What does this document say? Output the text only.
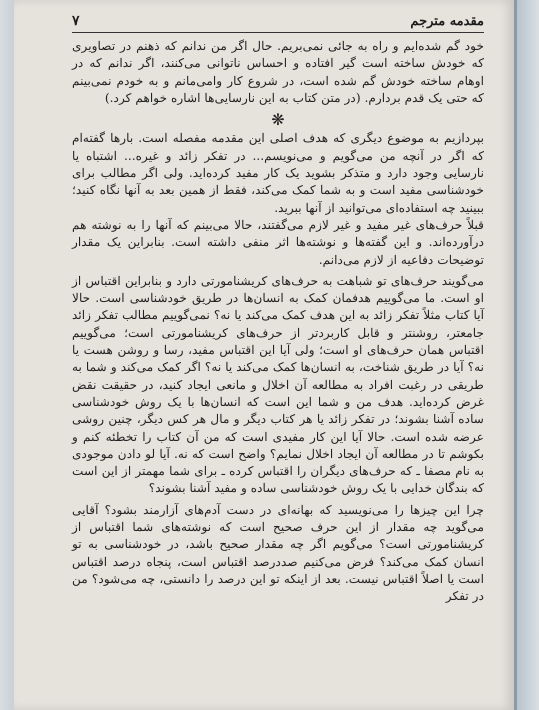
مقدمه مترجم
۷

خود گم شده‌ایم و راه به جائی نمی‌بریم. حال اگر من ندانم که ذهنم در تصاویری که خودش ساخته است گیر افتاده و احساس ناتوانی می‌کنند، اگر ندانم که در اوهام ساخته خودش گم شده است، در شروع کار وامی‌مانم و به خودم نمی‌بینم که حتی یک قدم بردارم. (در متن کتاب به این نارسایی‌ها اشاره خواهم کرد.)

❋

بپردازیم به موضوع دیگری که هدف اصلی این مقدمه مفصله است. بارها گفته‌ام که اگر در آنچه من می‌گویم و می‌نویسم... در تفکر زائد و غیره... اشتباه یا نارسایی وجود دارد و متذکر بشوید یک کار مفید کرده‌اید. ولی اگر مطالب برای خودشناسی مفید است و به شما کمک می‌کند، فقط از همین بعد به آنها نگاه کنید؛ ببینید چه استفاده‌ای می‌توانید از آنها ببرید.

قبلاً حرف‌هاى غیر مفید و غیر لازم می‌گفتند، حالا می‌بینم که آنها را به نوشته هم درآورده‌اند. و این گفته‌ها و نوشته‌ها اثر منفی داشته است. بنابراین یک مقدار توضیحات دفاعیه از لازم می‌دانم.

می‌گویند حرف‌های تو شباهت به حرف‌های کریشنامورتی دارد و بنابراین اقتباس از او است. ما می‌گوییم هدفمان کمک به انسان‌ها در طریق خودشناسی است. حالا آیا کتاب مثلاً تفکر زائد به این هدف کمک می‌کند یا نه؟ نمی‌گوییم مطالب تفکر زائد جامعتر، روشنتر و قابل کاربردتر از حرف‌های کریشنامورتی است؛ می‌گوییم اقتباس همان حرف‌های او است؛ ولی آیا این اقتباس مفید، رسا و روشن هست یا نه؟ آیا در طریق شناخت، به انسان‌ها کمک می‌کند یا نه؟ اگر کمک می‌کند و شما به طریقی در رغبت افراد به مطالعه آن اخلال و مانعی ایجاد کنید، در حقیقت نقض غرض کرده‌اید. هدف من و شما این است که انسان‌ها با یک روش خودشناسی ساده آشنا بشوند؛ در تفکر زائد یا هر کتاب دیگر و مال هر کس دیگر، چنین روشی عرضه شده است. حالا آیا این کار مفیدی است که من آن کتاب را تخطئه کنم و بکوشم تا در مطالعه آن ایجاد اخلال نمایم؟ واضح است که نه. آیا لو دادن موجودی به نام مصفا ـ که حرف‌های دیگران را اقتباس کرده ـ برای شما مهمتر از این است که بندگان خدایی با یک روش خودشناسی ساده و مفید آشنا بشوند؟

چرا این چیزها را می‌نویسید که بهانه‌ای در دست آدم‌های آزارمند بشود؟ آقایی می‌گوید چه مقدار از این حرف صحیح است که نوشته‌های شما اقتباس از کریشنامورتی است؟ می‌گویم اگر چه مقدار صحیح باشد، در خودشناسی به تو انسان کمک می‌کند؟ فرض می‌کنیم صددرصد اقتباس است، پنجاه درصد اقتباس است یا اصلاً اقتباس نیست. بعد از اینکه تو این درصد را دانستی، چه می‌شود؟ من در تفکر
